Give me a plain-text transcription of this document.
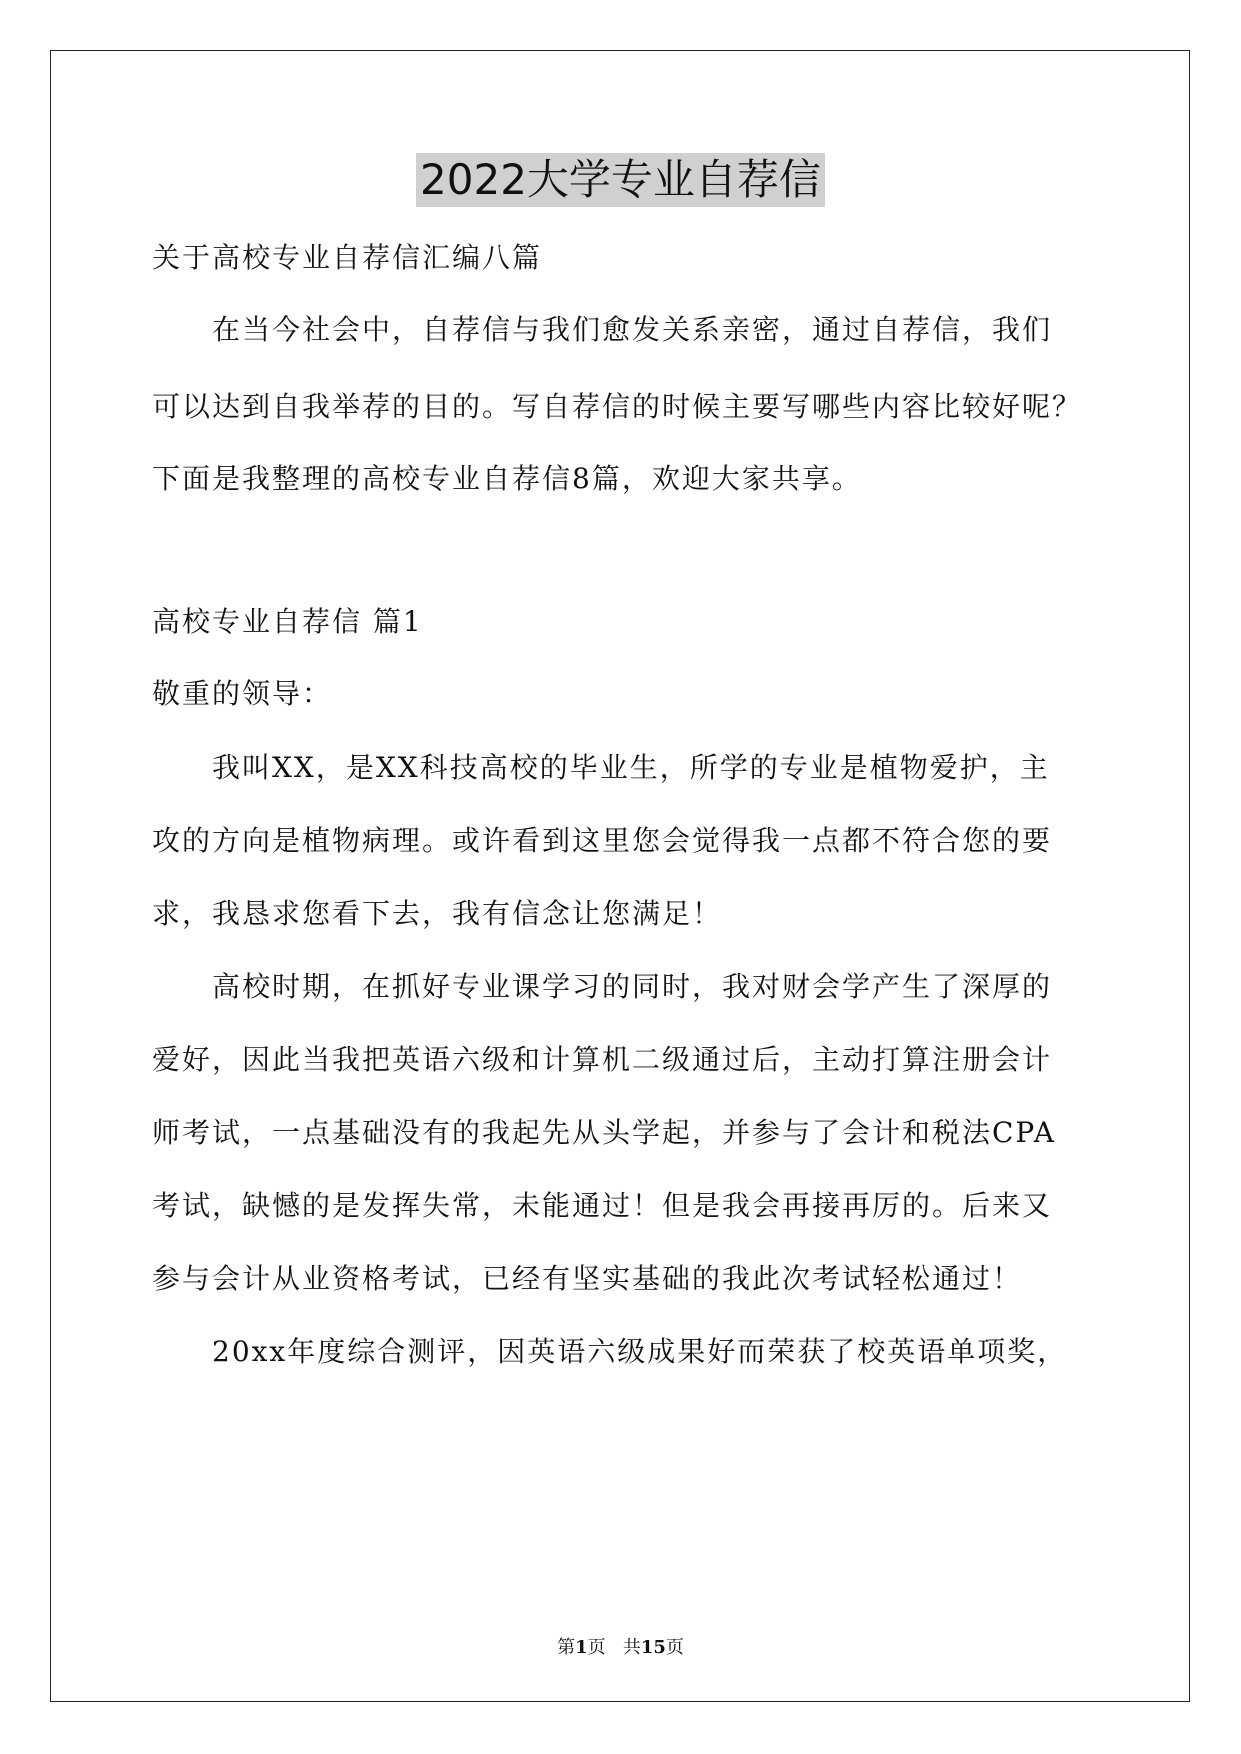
2022大学专业自荐信
关于高校专业自荐信汇编八篇
在当今社会中，自荐信与我们愈发关系亲密，通过自荐信，我们
可以达到自我举荐的目的。写自荐信的时候主要写哪些内容比较好呢？
下面是我整理的高校专业自荐信8篇，欢迎大家共享。
高校专业自荐信 篇1
敬重的领导：
我叫XX，是XX科技高校的毕业生，所学的专业是植物爱护，主
攻的方向是植物病理。或许看到这里您会觉得我一点都不符合您的要
求，我恳求您看下去，我有信念让您满足！
高校时期，在抓好专业课学习的同时，我对财会学产生了深厚的
爱好，因此当我把英语六级和计算机二级通过后，主动打算注册会计
师考试，一点基础没有的我起先从头学起，并参与了会计和税法CPA
考试，缺憾的是发挥失常，未能通过！但是我会再接再厉的。后来又
参与会计从业资格考试，已经有坚实基础的我此次考试轻松通过！
20xx年度综合测评，因英语六级成果好而荣获了校英语单项奖，
第1页 共15页
